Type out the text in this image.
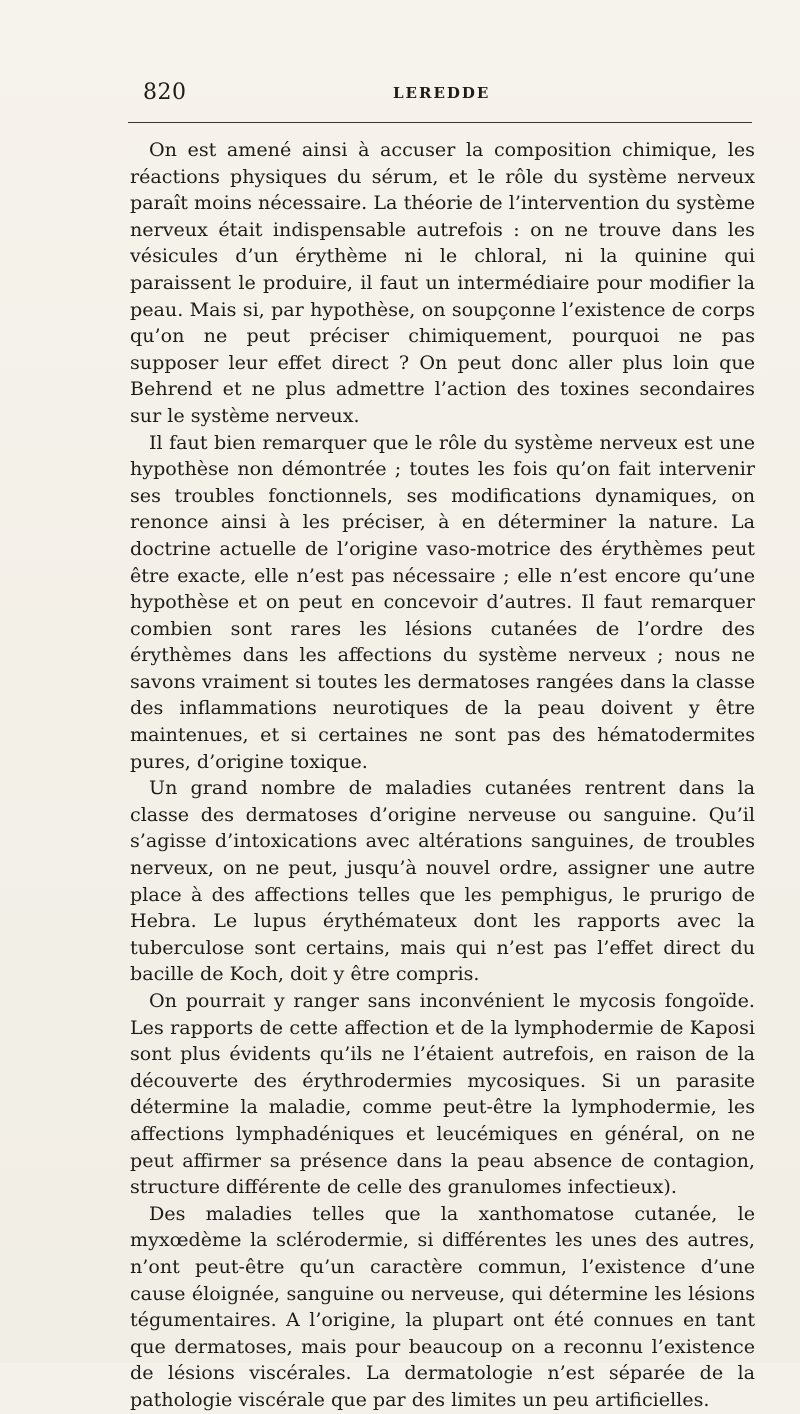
820	LEREDDE

On est amené ainsi à accuser la composition chimique, les réactions physiques du sérum, et le rôle du système nerveux paraît moins nécessaire. La théorie de l’intervention du système nerveux était indispensable autrefois : on ne trouve dans les vésicules d’un érythème ni le chloral, ni la quinine qui paraissent le produire, il faut un intermédiaire pour modifier la peau. Mais si, par hypothèse, on soupçonne l’existence de corps qu’on ne peut préciser chimiquement, pourquoi ne pas supposer leur effet direct ? On peut donc aller plus loin que Behrend et ne plus admettre l’action des toxines secondaires sur le système nerveux.

Il faut bien remarquer que le rôle du système nerveux est une hypothèse non démontrée ; toutes les fois qu’on fait intervenir ses troubles fonctionnels, ses modifications dynamiques, on renonce ainsi à les préciser, à en déterminer la nature. La doctrine actuelle de l’origine vaso-motrice des érythèmes peut être exacte, elle n’est pas nécessaire ; elle n’est encore qu’une hypothèse et on peut en concevoir d’autres. Il faut remarquer combien sont rares les lésions cutanées de l’ordre des érythèmes dans les affections du système nerveux ; nous ne savons vraiment si toutes les dermatoses rangées dans la classe des inflammations neurotiques de la peau doivent y être maintenues, et si certaines ne sont pas des hématodermites pures, d’origine toxique.

Un grand nombre de maladies cutanées rentrent dans la classe des dermatoses d’origine nerveuse ou sanguine. Qu’il s’agisse d’intoxications avec altérations sanguines, de troubles nerveux, on ne peut, jusqu’à nouvel ordre, assigner une autre place à des affections telles que les pemphigus, le prurigo de Hebra. Le lupus érythémateux dont les rapports avec la tuberculose sont certains, mais qui n’est pas l’effet direct du bacille de Koch, doit y être compris.

On pourrait y ranger sans inconvénient le mycosis fongoïde. Les rapports de cette affection et de la lymphodermie de Kaposi sont plus évidents qu’ils ne l’étaient autrefois, en raison de la découverte des érythrodermies mycosiques. Si un parasite détermine la maladie, comme peut-être la lymphodermie, les affections lymphadéniques et leucémiques en général, on ne peut affirmer sa présence dans la peau absence de contagion, structure différente de celle des granulomes infectieux).

Des maladies telles que la xanthomatose cutanée, le myxœdème la sclérodermie, si différentes les unes des autres, n’ont peut-être qu’un caractère commun, l’existence d’une cause éloignée, sanguine ou nerveuse, qui détermine les lésions tégumentaires. A l’origine, la plupart ont été connues en tant que dermatoses, mais pour beaucoup on a reconnu l’existence de lésions viscérales. La dermatologie n’est séparée de la pathologie viscérale que par des limites un peu artificielles.
